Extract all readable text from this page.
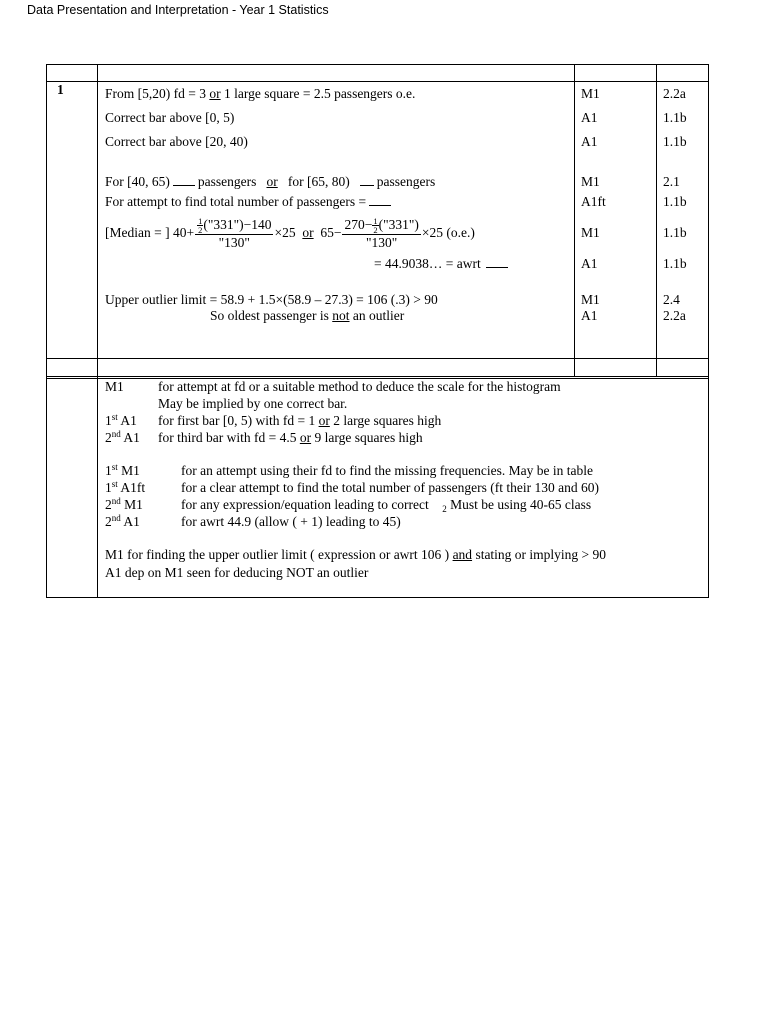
Data Presentation and Interpretation - Year 1 Statistics
1	From [5,20) fd = 3 or 1 large square = 2.5 passengers o.e.	M1	2.2a
Correct bar above [0, 5)	A1	1.1b
Correct bar above [20, 40)	A1	1.1b
For [40, 65) passengers or for [65, 80) passengers	M1	2.1
For attempt to find total number of passengers =	A1ft	1.1b
[Median = ] $40+ \frac{\frac{1}{2} ("331")-140}{"130"} \times 25$ or $65- \frac{270- \frac{1}{2} ("331")}{"130"} \times 25$ (o.e.)	M1	1.1b
= 44.9038… = awrt	A1	1.1b
Upper outlier limit = 58.9 + 1.5×(58.9 – 27.3) = 106 (.3) > 90	M1	2.4
So oldest passenger is not an outlier	A1	2.2a
M1	for attempt at fd or a suitable method to deduce the scale for the histogram
May be implied by one correct bar.
1st A1 for first bar [0, 5) with fd = 1 or 2 large squares high
2nd A1 for third bar with fd = 4.5 or 9 large squares high
1st M1	for an attempt using their fd to find the missing frequencies. May be in table
1st A1ft	for a clear attempt to find the total number of passengers (ft their 130 and 60)
2nd M1	for any expression/equation leading to correct $_2$ Must be using 40-65 class
2nd A1	for awrt 44.9 (allow ( + 1) leading to 45)
M1 for finding the upper outlier limit ( expression or awrt 106 ) and stating or implying > 90
A1 dep on M1 seen for deducing NOT an outlier
